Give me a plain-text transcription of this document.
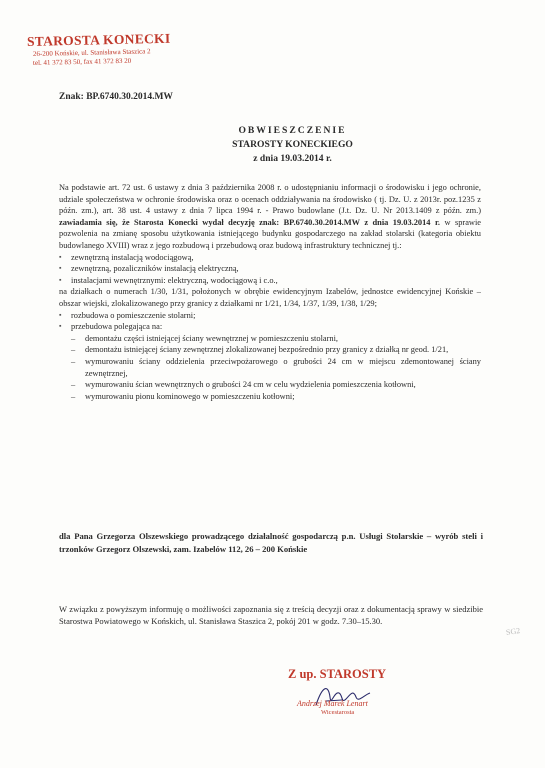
STAROSTA KONECKI
26-200 Końskie, ul. Stanisława Staszica 2
tel. 41 372 83 50, fax 41 372 83 20
Znak: BP.6740.30.2014.MW
OBWIESZCZENIE
STAROSTY KONECKIEGO
z dnia 19.03.2014 r.
Na podstawie art. 72 ust. 6 ustawy z dnia 3 października 2008 r. o udostępnianiu informacji o środowisku i jego ochronie, udziale społeczeństwa w ochronie środowiska oraz o ocenach oddziaływania na środowisko ( tj. Dz. U. z 2013r. poz.1235 z późn. zm.), art. 38 ust. 4 ustawy z dnia 7 lipca 1994 r. - Prawo budowlane (J.t. Dz. U. Nr 2013.1409 z późn. zm.) zawiadamia się, że Starosta Konecki wydał decyzję znak: BP.6740.30.2014.MW z dnia 19.03.2014 r. w sprawie pozwolenia na zmianę sposobu użytkowania istniejącego budynku gospodarczego na zakład stolarski (kategoria obiektu budowlanego XVIII) wraz z jego rozbudową i przebudową oraz budową infrastruktury technicznej tj.:
▪	zewnętrzną instalacją wodociągową,
▪	zewnętrzną, pozaliczników instalacją elektryczną,
▪	instalacjami wewnętrznymi: elektryczną, wodociągową i c.o.,
na działkach o numerach 1/30, 1/31, położonych w obrębie ewidencyjnym Izabelów, jednostce ewidencyjnej Końskie – obszar wiejski, zlokalizowanego przy granicy z działkami nr 1/21, 1/34, 1/37, 1/39, 1/38, 1/29;
▪	rozbudowa o pomieszczenie stolarni;
▪	przebudowa polegająca na:
–	demontażu części istniejącej ściany wewnętrznej w pomieszczeniu stolarni,
–	demontażu istniejącej ściany zewnętrznej zlokalizowanej bezpośrednio przy granicy z działką nr geod. 1/21,
–	wymurowaniu ściany oddzielenia przeciwpożarowego o grubości 24 cm w miejscu zdemontowanej ściany zewnętrznej,
–	wymurowaniu ścian wewnętrznych o grubości 24 cm w celu wydzielenia pomieszczenia kotłowni,
–	wymurowaniu pionu kominowego w pomieszczeniu kotłowni;
dla Pana Grzegorza Olszewskiego prowadzącego działalność gospodarczą p.n. Usługi Stolarskie – wyrób steli i trzonków Grzegorz Olszewski, zam. Izabelów 112, 26 – 200 Końskie
W związku z powyższym informuję o możliwości zapoznania się z treścią decyzji oraz z dokumentacją sprawy w siedzibie Starostwa Powiatowego w Końskich, ul. Stanisława Staszica 2, pokój 201 w godz. 7.30–15.30.
SG2
Z up. STAROSTY
Andrzej Marek Lenart
Wicestarosta
